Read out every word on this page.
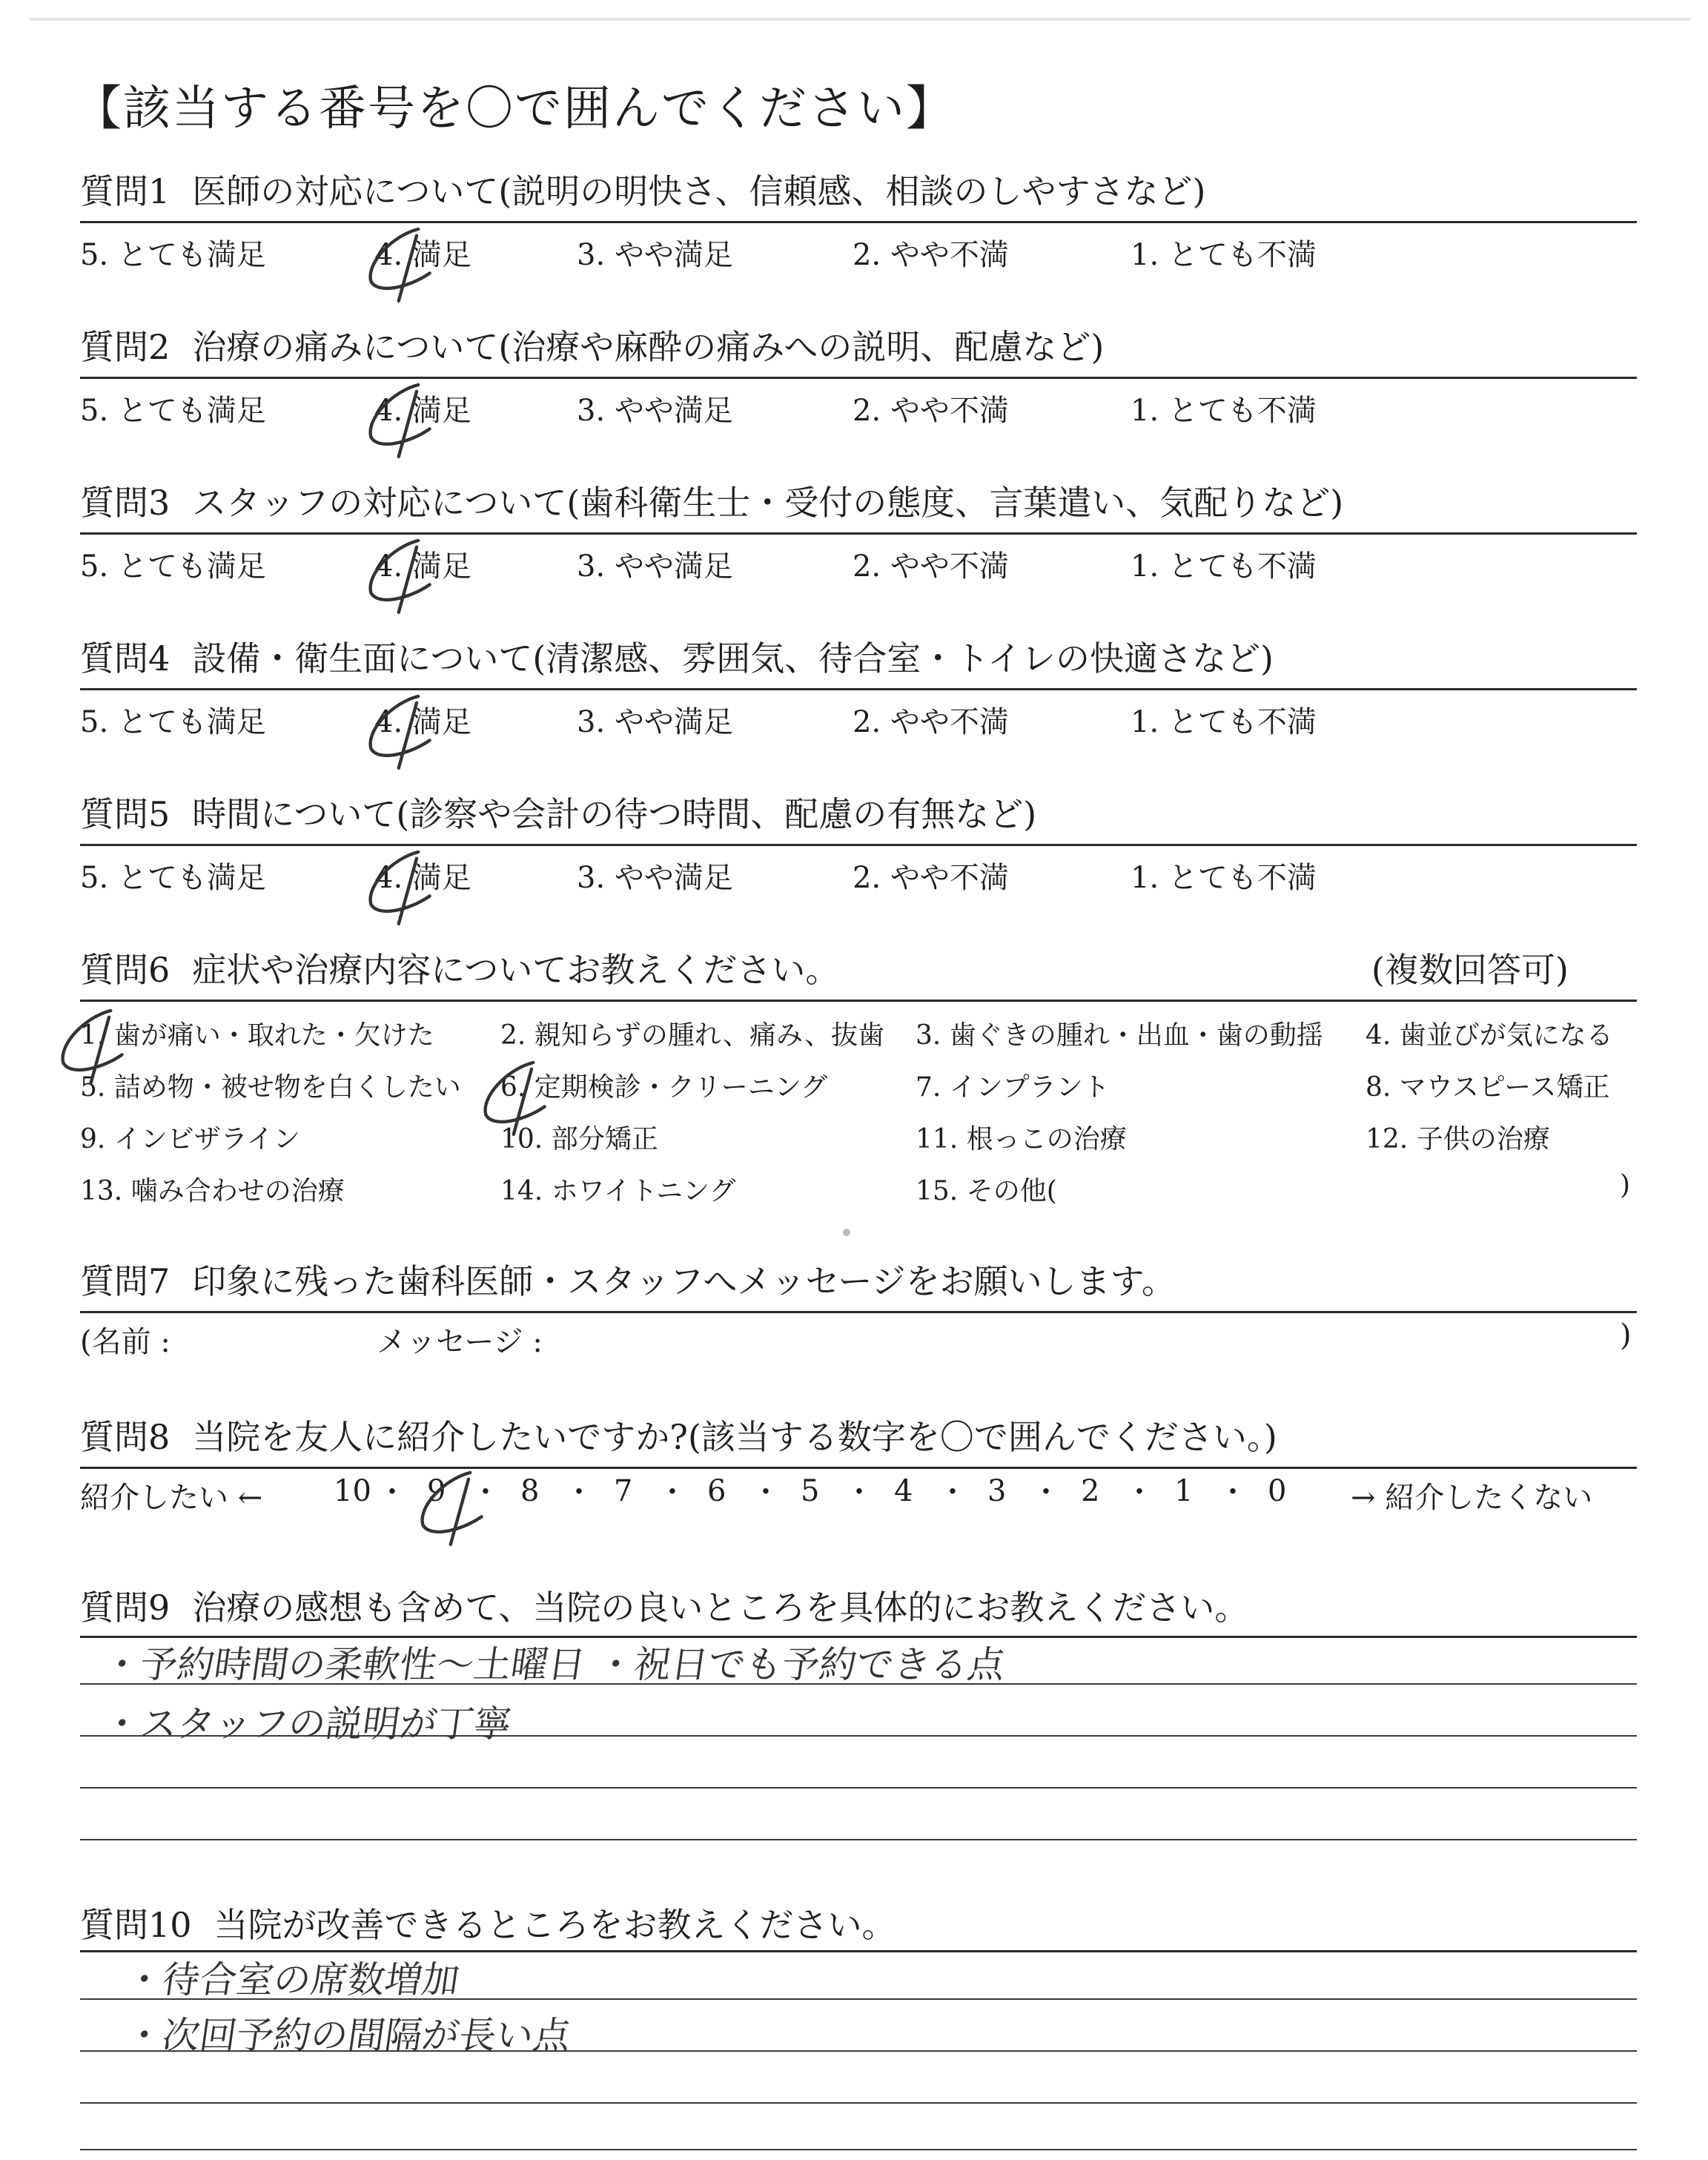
【該当する番号を〇で囲んでください】
質問1 医師の対応について(説明の明快さ、信頼感、相談のしやすさなど)
5. とても満足	4. 満足	3. やや満足	2. やや不満	1. とても不満
質問2 治療の痛みについて(治療や麻酔の痛みへの説明、配慮など)
5. とても満足	4. 満足	3. やや満足	2. やや不満	1. とても不満
質問3 スタッフの対応について(歯科衛生士・受付の態度、言葉遣い、気配りなど)
5. とても満足	4. 満足	3. やや満足	2. やや不満	1. とても不満
質問4 設備・衛生面について(清潔感、雰囲気、待合室・トイレの快適さなど)
5. とても満足	4. 満足	3. やや満足	2. やや不満	1. とても不満
質問5 時間について(診察や会計の待つ時間、配慮の有無など)
5. とても満足	4. 満足	3. やや満足	2. やや不満	1. とても不満
質問6 症状や治療内容についてお教えください。	(複数回答可)
1. 歯が痛い・取れた・欠けた 2. 親知らずの腫れ、痛み、抜歯 3. 歯ぐきの腫れ・出血・歯の動揺 4. 歯並びが気になる
5. 詰め物・被せ物を白くしたい 6. 定期検診・クリーニング	7. インプラント	8. マウスピース矯正
9. インビザライン	10. 部分矯正	11. 根っこの治療	12. 子供の治療
13. 噛み合わせの治療	14. ホワイトニング	15. その他(	)
質問7 印象に残った歯科医師・スタッフへメッセージをお願いします。
(名前 :	メッセージ :	)
質問8 当院を友人に紹介したいですか?(該当する数字を〇で囲んでください。)
紹介したい ← 10 · 9 · 8 · 7 · 6 · 5 · 4 · 3 · 2 · 1 · 0 → 紹介したくない
質問9 治療の感想も含めて、当院の良いところを具体的にお教えください。
・予約時間の柔軟性〜土曜日 ・祝日でも予約できる点
・スタッフの説明が丁寧
質問10 当院が改善できるところをお教えください。
・待合室の席数増加
・次回予約の間隔が長い点
